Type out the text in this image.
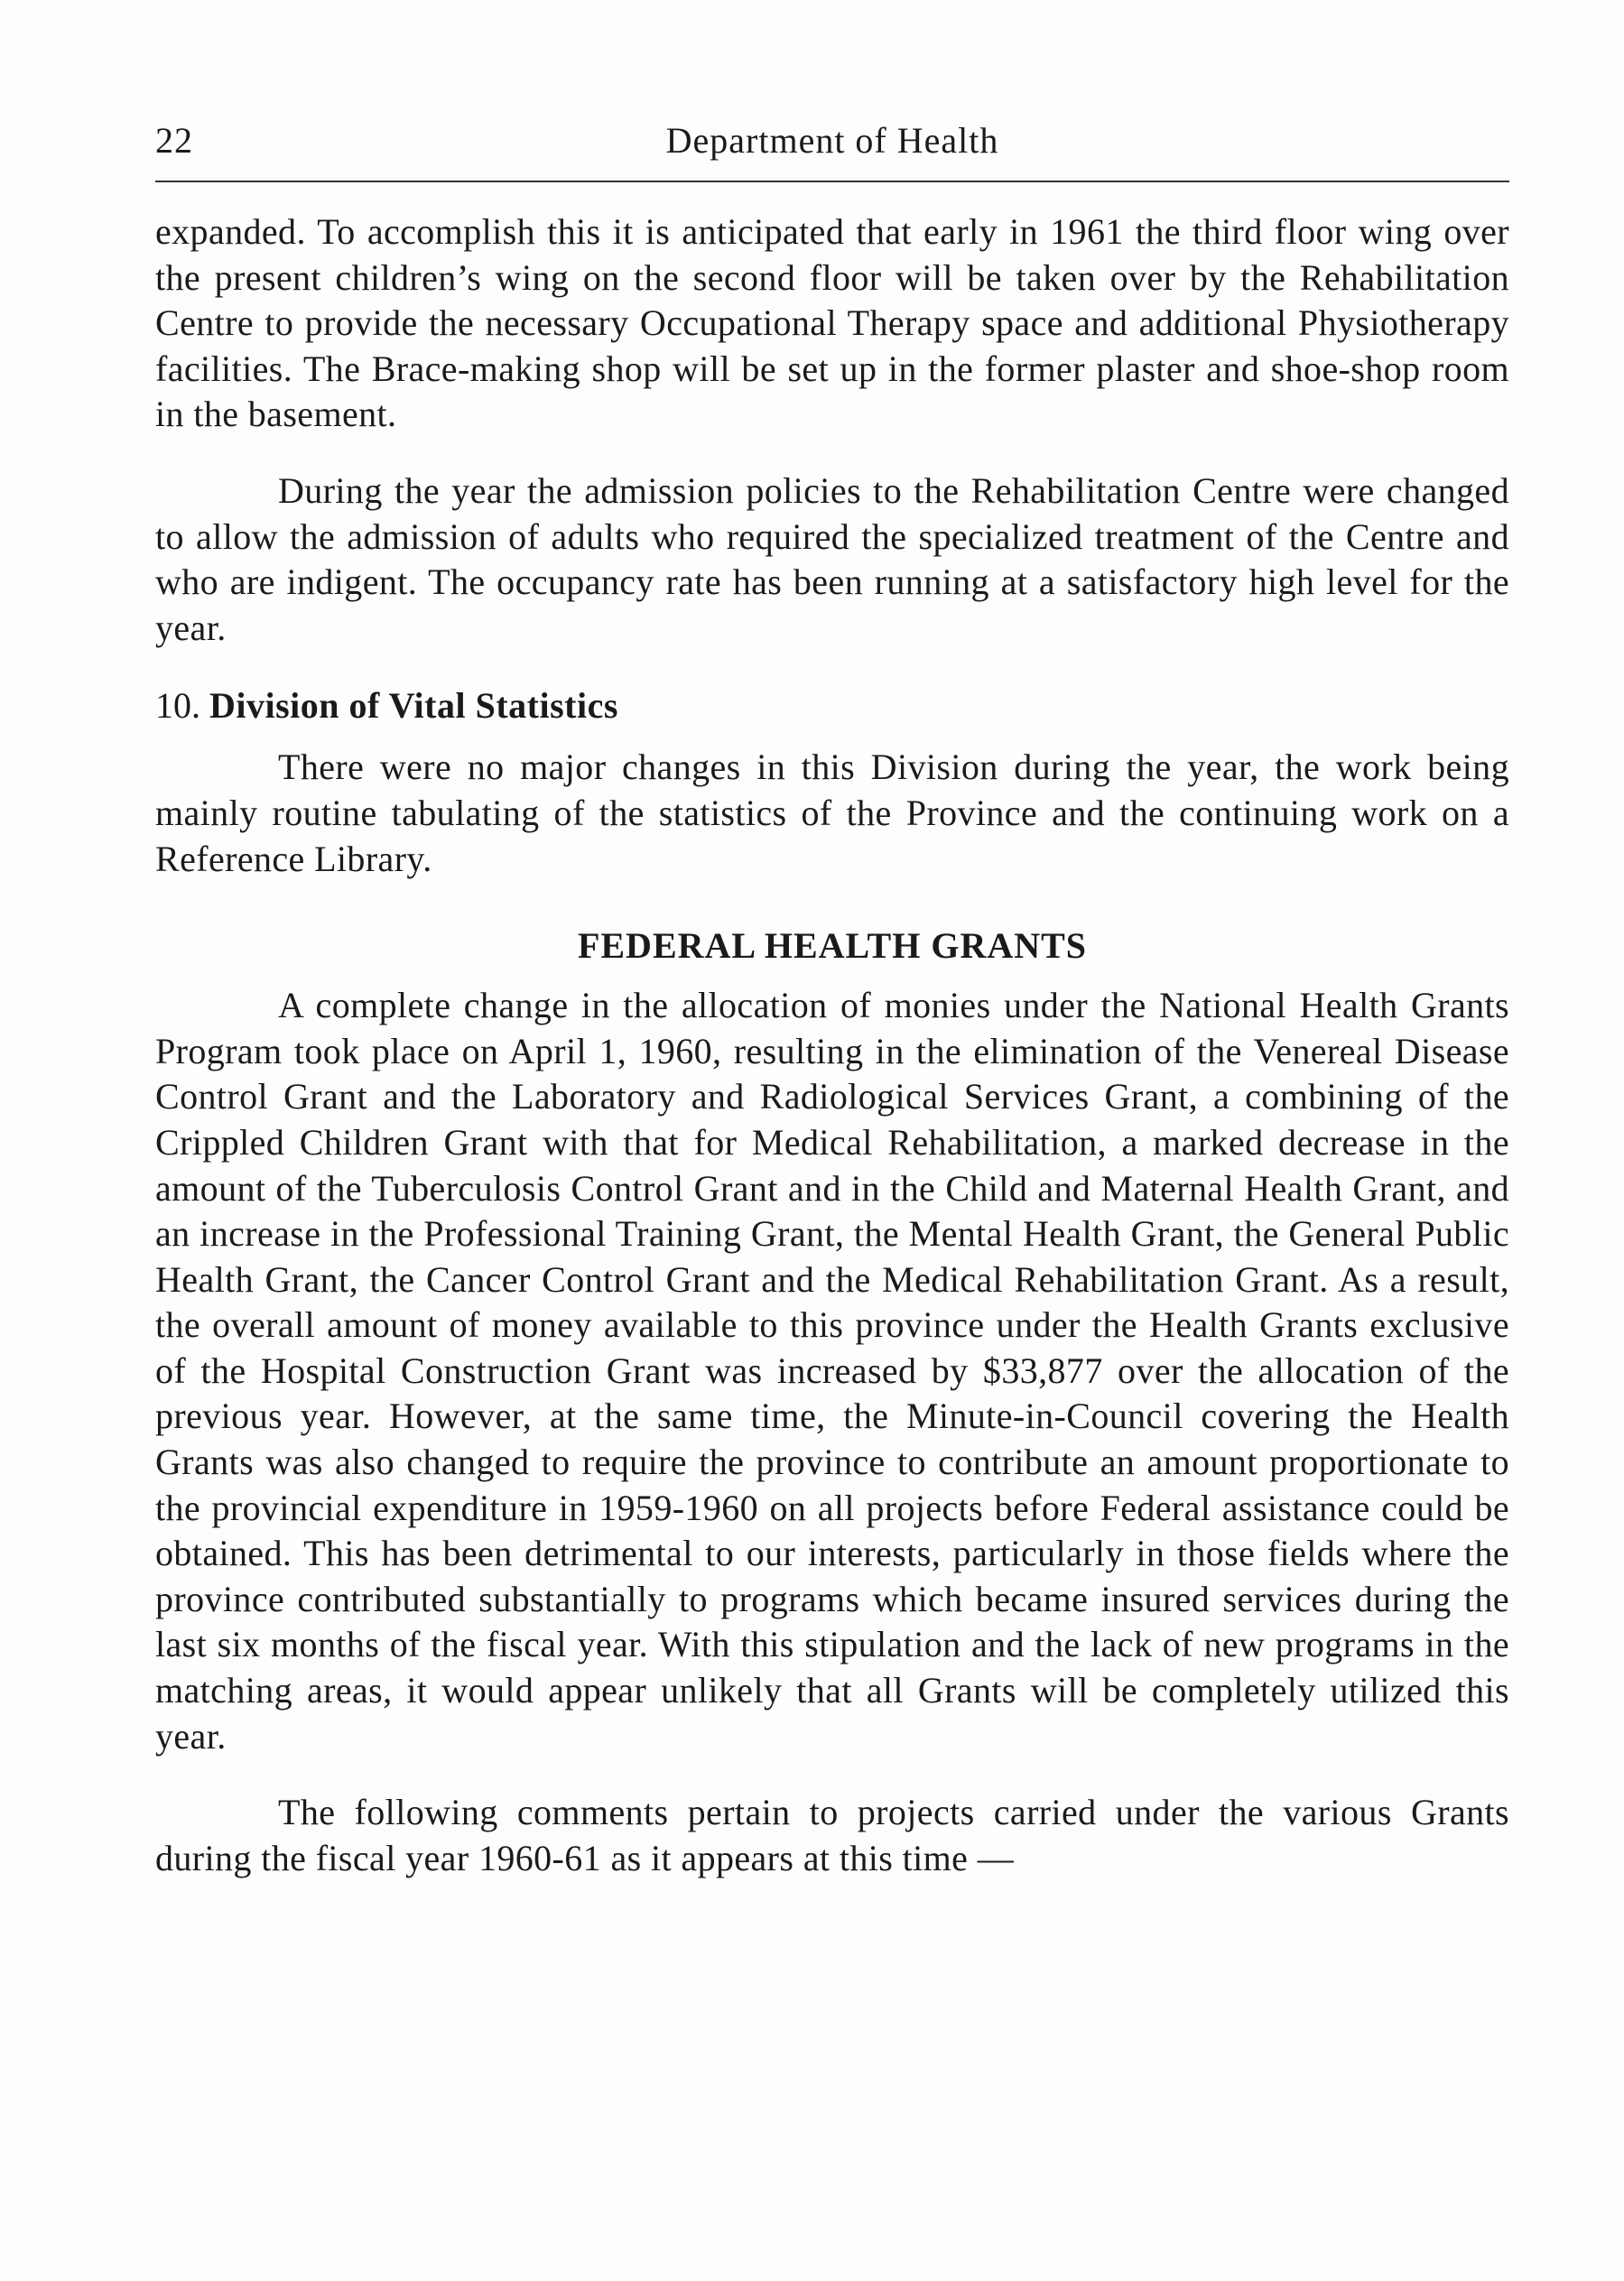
22	Department of Health

expanded. To accomplish this it is anticipated that early in 1961 the third floor wing over the present children’s wing on the second floor will be taken over by the Rehabilitation Centre to provide the necessary Occupational Therapy space and additional Physiotherapy facilities. The Brace-making shop will be set up in the former plaster and shoe-shop room in the basement.

During the year the admission policies to the Rehabilitation Centre were changed to allow the admission of adults who required the specialized treatment of the Centre and who are indigent. The occupancy rate has been running at a satisfactory high level for the year.

10. Division of Vital Statistics

There were no major changes in this Division during the year, the work being mainly routine tabulating of the statistics of the Province and the continuing work on a Reference Library.

FEDERAL HEALTH GRANTS

A complete change in the allocation of monies under the National Health Grants Program took place on April 1, 1960, resulting in the elimination of the Venereal Disease Control Grant and the Laboratory and Radiological Services Grant, a combining of the Crippled Children Grant with that for Medical Rehabilitation, a marked decrease in the amount of the Tuberculosis Control Grant and in the Child and Maternal Health Grant, and an increase in the Professional Training Grant, the Mental Health Grant, the General Public Health Grant, the Cancer Control Grant and the Medical Rehabilitation Grant. As a result, the overall amount of money available to this province under the Health Grants exclusive of the Hospital Construction Grant was increased by $33,877 over the allocation of the previous year. However, at the same time, the Minute-in-Council covering the Health Grants was also changed to require the province to contribute an amount proportionate to the provincial expenditure in 1959-1960 on all projects before Federal assistance could be obtained. This has been detrimental to our interests, particularly in those fields where the province contributed substantially to programs which became insured services during the last six months of the fiscal year. With this stipulation and the lack of new programs in the matching areas, it would appear unlikely that all Grants will be completely utilized this year.

The following comments pertain to projects carried under the various Grants during the fiscal year 1960-61 as it appears at this time —
